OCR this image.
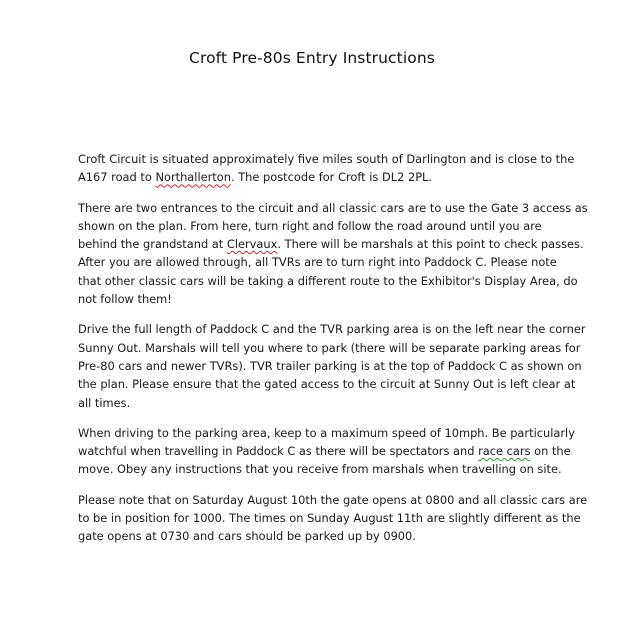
Croft Pre-80s Entry Instructions

Croft Circuit is situated approximately five miles south of Darlington and is close to the
A167 road to Northallerton. The postcode for Croft is DL2 2PL.

There are two entrances to the circuit and all classic cars are to use the Gate 3 access as
shown on the plan. From here, turn right and follow the road around until you are
behind the grandstand at Clervaux. There will be marshals at this point to check passes.
After you are allowed through, all TVRs are to turn right into Paddock C. Please note
that other classic cars will be taking a different route to the Exhibitor's Display Area, do
not follow them!

Drive the full length of Paddock C and the TVR parking area is on the left near the corner
Sunny Out. Marshals will tell you where to park (there will be separate parking areas for
Pre-80 cars and newer TVRs). TVR trailer parking is at the top of Paddock C as shown on
the plan. Please ensure that the gated access to the circuit at Sunny Out is left clear at
all times.

When driving to the parking area, keep to a maximum speed of 10mph. Be particularly
watchful when travelling in Paddock C as there will be spectators and race cars on the
move. Obey any instructions that you receive from marshals when travelling on site.

Please note that on Saturday August 10th the gate opens at 0800 and all classic cars are
to be in position for 1000. The times on Sunday August 11th are slightly different as the
gate opens at 0730 and cars should be parked up by 0900.
